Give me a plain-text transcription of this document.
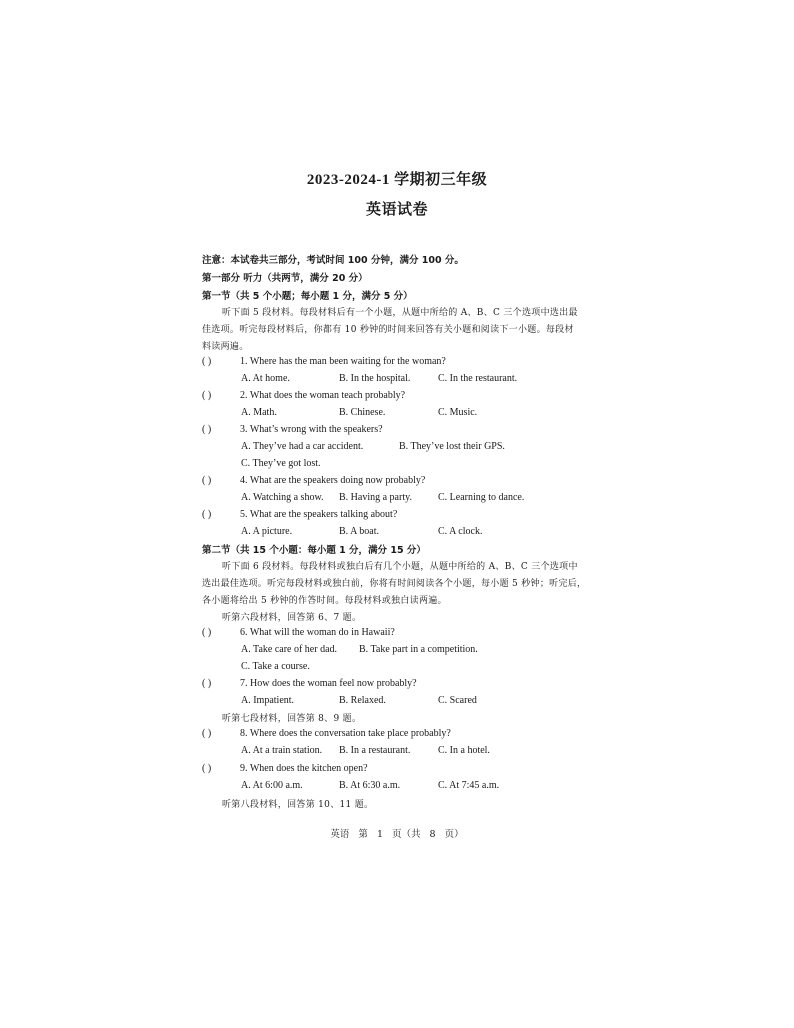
2023-2024-1 学期初三年级
英语试卷
注意：本试卷共三部分，考试时间 100 分钟，满分 100 分。
第一部分 听力（共两节，满分 20 分）
第一节（共 5 个小题；每小题 1 分，满分 5 分）
听下面 5 段材料。每段材料后有一个小题，从题中所给的 A、B、C 三个选项中选出最
佳选项。听完每段材料后，你都有 10 秒钟的时间来回答有关小题和阅读下一小题。每段材
料读两遍。
( )	1. Where has the man been waiting for the woman?
A. At home.	B. In the hospital.	C. In the restaurant.
( )	2. What does the woman teach probably?
A. Math.	B. Chinese.	C. Music.
( )	3. What’s wrong with the speakers?
A. They’ve had a car accident.	B. They’ve lost their GPS.
C. They’ve got lost.
( )	4. What are the speakers doing now probably?
A. Watching a show. B. Having a party.	C. Learning to dance.
( )	5. What are the speakers talking about?
A. A picture.	B. A boat.	C. A clock.
第二节（共 15 个小题：每小题 1 分，满分 15 分）
听下面 6 段材料。每段材料或独白后有几个小题，从题中所给的 A、B、C 三个选项中
选出最佳选项。听完每段材料或独白前，你将有时间阅读各个小题，每小题 5 秒钟；听完后，
各小题将给出 5 秒钟的作答时间。每段材料或独白读两遍。
听第六段材料，回答第 6、7 题。
( )	6. What will the woman do in Hawaii?
A. Take care of her dad. B. Take part in a competition.
C. Take a course.
( )	7. How does the woman feel now probably?
A. Impatient.	B. Relaxed.	C. Scared
听第七段材料，回答第 8、9 题。
( )	8. Where does the conversation take place probably?
A. At a train station. B. In a restaurant.	C. In a hotel.
( )	9. When does the kitchen open?
A. At 6:00 a.m.	B. At 6:30 a.m.	C. At 7:45 a.m.
听第八段材料，回答第 10、11 题。
英语 第 1 页（共 8 页）
